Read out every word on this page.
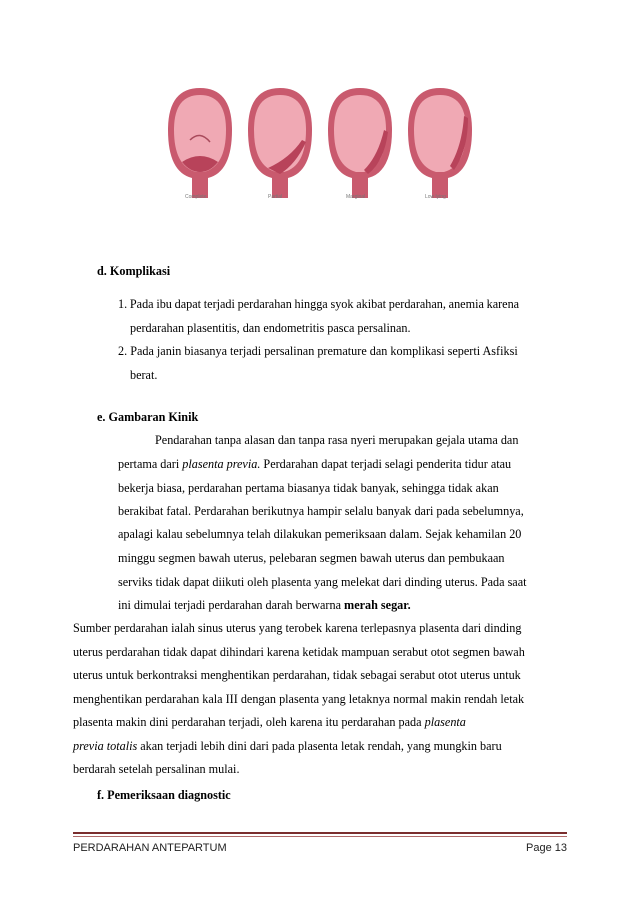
Complete	Partial	Marginal	Low lying
d. Komplikasi
1. Pada ibu dapat terjadi perdarahan hingga syok akibat perdarahan, anemia karena
perdarahan plasentitis, dan endometritis pasca persalinan.
2. Pada janin biasanya terjadi persalinan premature dan komplikasi seperti Asfiksi
berat.
e. Gambaran Kinik
Pendarahan tanpa alasan dan tanpa rasa nyeri merupakan gejala utama dan
pertama dari plasenta previa. Perdarahan dapat terjadi selagi penderita tidur atau
bekerja biasa, perdarahan pertama biasanya tidak banyak, sehingga tidak akan
berakibat fatal. Perdarahan berikutnya hampir selalu banyak dari pada sebelumnya,
apalagi kalau sebelumnya telah dilakukan pemeriksaan dalam. Sejak kehamilan 20
minggu segmen bawah uterus, pelebaran segmen bawah uterus dan pembukaan
serviks tidak dapat diikuti oleh plasenta yang melekat dari dinding uterus. Pada saat
ini dimulai terjadi perdarahan darah berwarna merah segar.
Sumber perdarahan ialah sinus uterus yang terobek karena terlepasnya plasenta dari dinding
uterus perdarahan tidak dapat dihindari karena ketidak mampuan serabut otot segmen bawah
uterus untuk berkontraksi menghentikan perdarahan, tidak sebagai serabut otot uterus untuk
menghentikan perdarahan kala III dengan plasenta yang letaknya normal makin rendah letak
plasenta makin dini perdarahan terjadi, oleh karena itu perdarahan pada plasenta
previa totalis akan terjadi lebih dini dari pada plasenta letak rendah, yang mungkin baru
berdarah setelah persalinan mulai.
f. Pemeriksaan diagnostic
PERDARAHAN ANTEPARTUM	Page 13
